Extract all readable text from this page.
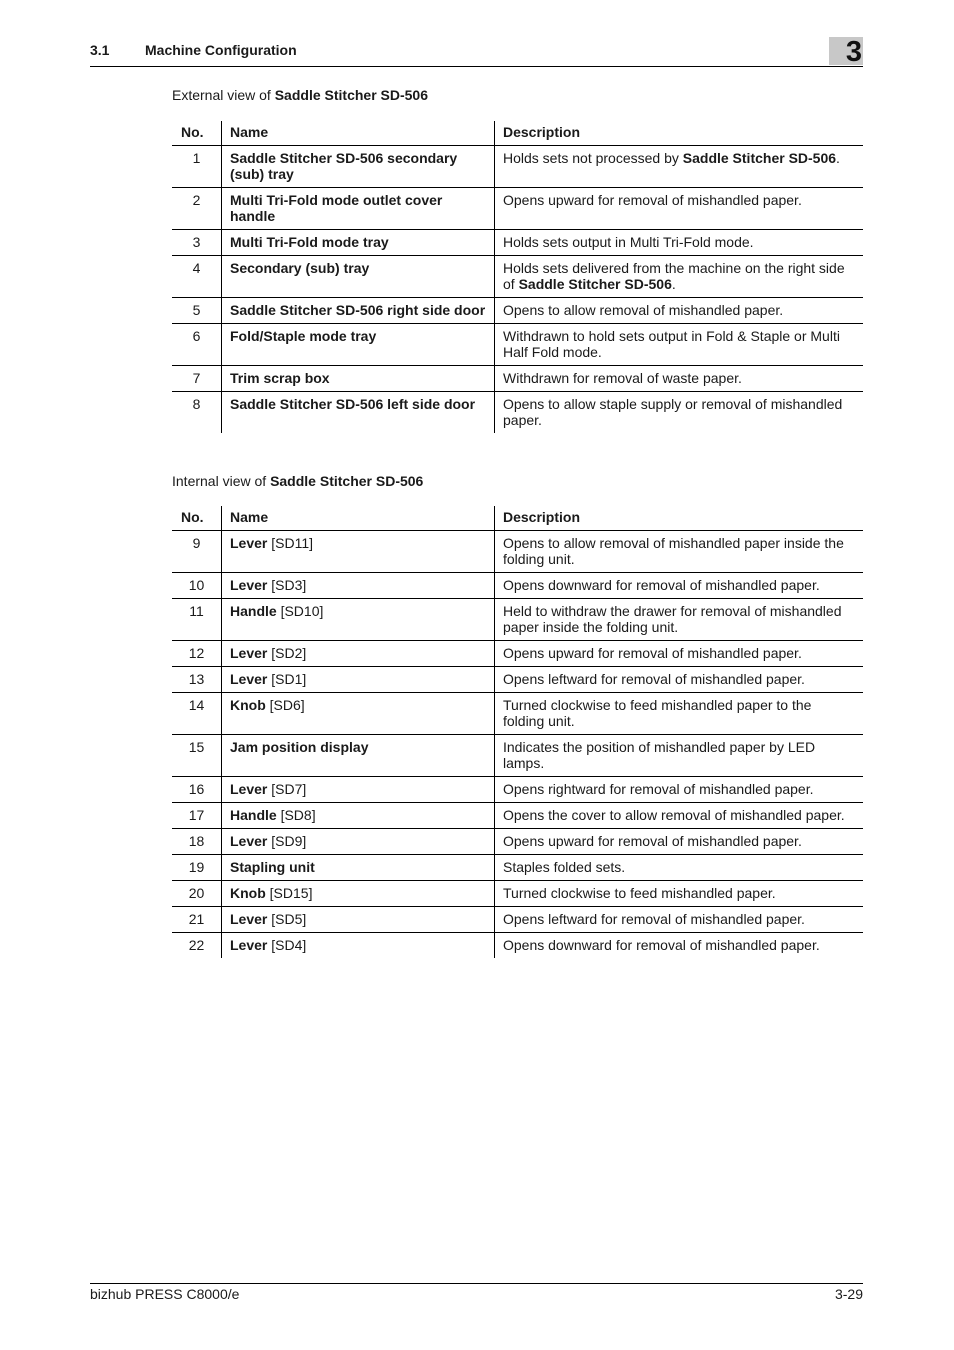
3.1	Machine Configuration	3
External view of Saddle Stitcher SD-506
No.	Name	Description
1	Saddle Stitcher SD-506 secondary (sub) tray	Holds sets not processed by Saddle Stitcher SD-506.
2	Multi Tri-Fold mode outlet cover handle	Opens upward for removal of mishandled paper.
3	Multi Tri-Fold mode tray	Holds sets output in Multi Tri-Fold mode.
4	Secondary (sub) tray	Holds sets delivered from the machine on the right side of Saddle Stitcher SD-506.
5	Saddle Stitcher SD-506 right side door	Opens to allow removal of mishandled paper.
6	Fold/Staple mode tray	Withdrawn to hold sets output in Fold & Staple or Multi Half Fold mode.
7	Trim scrap box	Withdrawn for removal of waste paper.
8	Saddle Stitcher SD-506 left side door	Opens to allow staple supply or removal of mishandled paper.
Internal view of Saddle Stitcher SD-506
No.	Name	Description
9	Lever [SD11]	Opens to allow removal of mishandled paper inside the folding unit.
10	Lever [SD3]	Opens downward for removal of mishandled paper.
11	Handle [SD10]	Held to withdraw the drawer for removal of mishandled paper inside the folding unit.
12	Lever [SD2]	Opens upward for removal of mishandled paper.
13	Lever [SD1]	Opens leftward for removal of mishandled paper.
14	Knob [SD6]	Turned clockwise to feed mishandled paper to the folding unit.
15	Jam position display	Indicates the position of mishandled paper by LED lamps.
16	Lever [SD7]	Opens rightward for removal of mishandled paper.
17	Handle [SD8]	Opens the cover to allow removal of mishandled paper.
18	Lever [SD9]	Opens upward for removal of mishandled paper.
19	Stapling unit	Staples folded sets.
20	Knob [SD15]	Turned clockwise to feed mishandled paper.
21	Lever [SD5]	Opens leftward for removal of mishandled paper.
22	Lever [SD4]	Opens downward for removal of mishandled paper.
bizhub PRESS C8000/e	3-29
